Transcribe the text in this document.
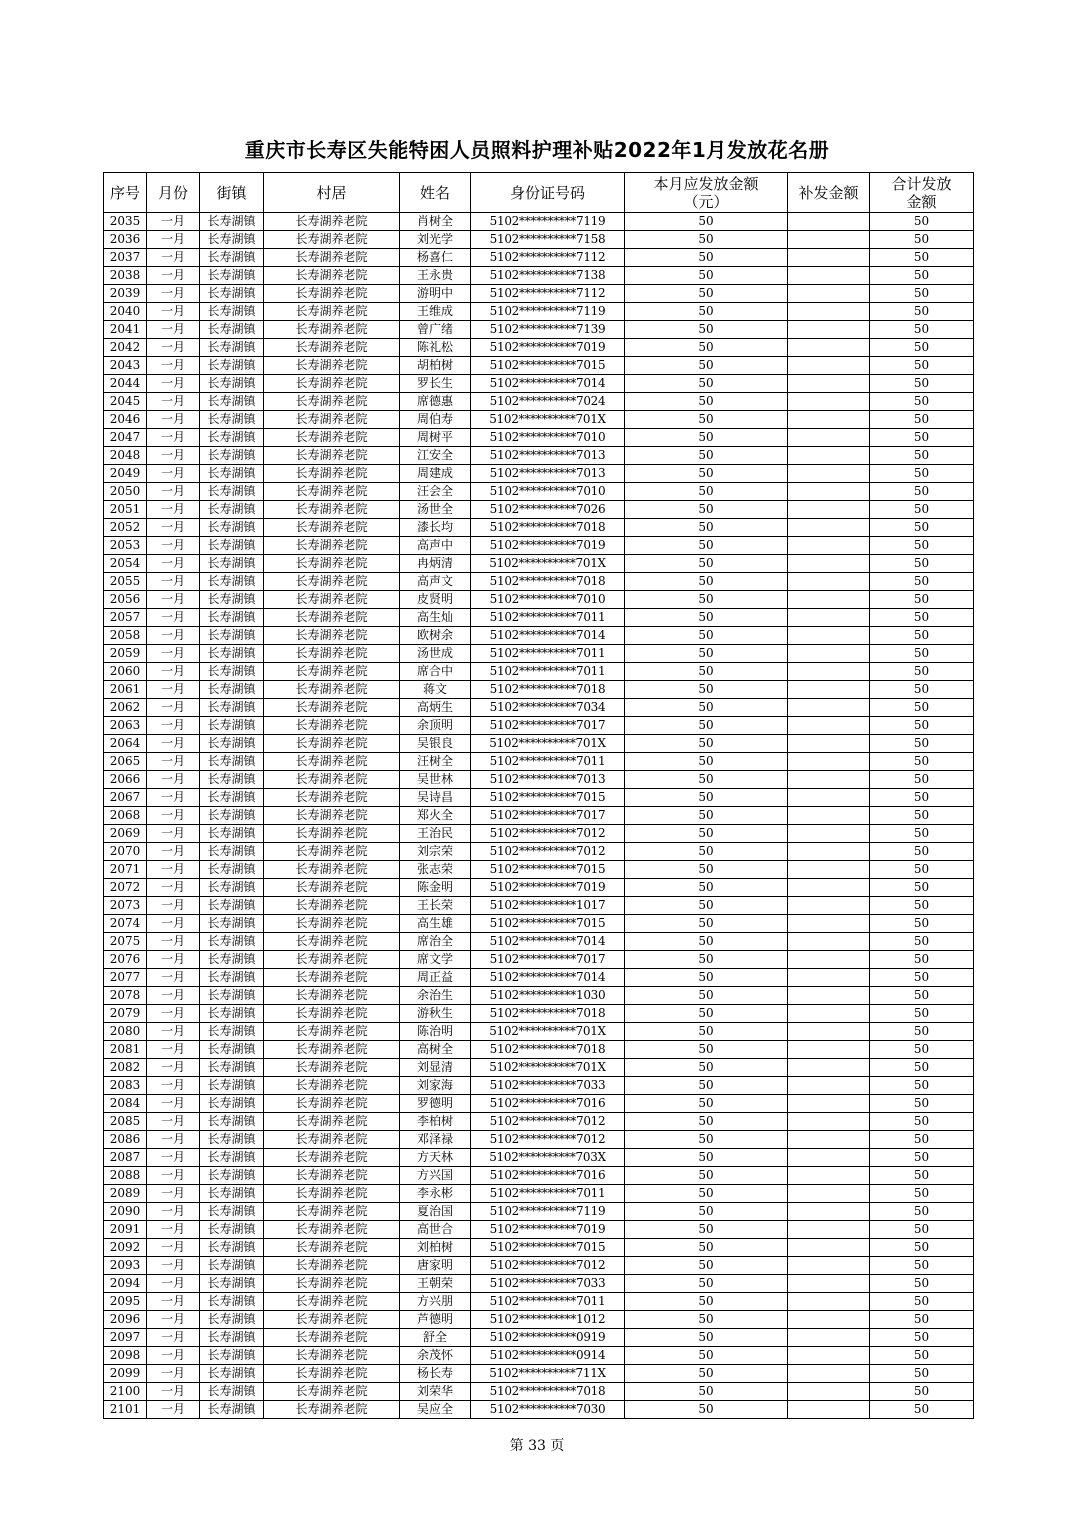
重庆市长寿区失能特困人员照料护理补贴2022年1月发放花名册
序号	月份	街镇	村居	姓名	身份证号码	本月应发放金额（元）	补发金额	合计发放金额
2035	一月	长寿湖镇	长寿湖养老院	肖树全	5102**********7119	50		50
2036	一月	长寿湖镇	长寿湖养老院	刘光学	5102**********7158	50		50
2037	一月	长寿湖镇	长寿湖养老院	杨喜仁	5102**********7112	50		50
2038	一月	长寿湖镇	长寿湖养老院	王永贵	5102**********7138	50		50
2039	一月	长寿湖镇	长寿湖养老院	游明中	5102**********7112	50		50
2040	一月	长寿湖镇	长寿湖养老院	王维成	5102**********7119	50		50
2041	一月	长寿湖镇	长寿湖养老院	曾广绪	5102**********7139	50		50
2042	一月	长寿湖镇	长寿湖养老院	陈礼松	5102**********7019	50		50
2043	一月	长寿湖镇	长寿湖养老院	胡柏树	5102**********7015	50		50
2044	一月	长寿湖镇	长寿湖养老院	罗长生	5102**********7014	50		50
2045	一月	长寿湖镇	长寿湖养老院	席德惠	5102**********7024	50		50
2046	一月	长寿湖镇	长寿湖养老院	周伯寿	5102**********701X	50		50
2047	一月	长寿湖镇	长寿湖养老院	周树平	5102**********7010	50		50
2048	一月	长寿湖镇	长寿湖养老院	江安全	5102**********7013	50		50
2049	一月	长寿湖镇	长寿湖养老院	周建成	5102**********7013	50		50
2050	一月	长寿湖镇	长寿湖养老院	汪会全	5102**********7010	50		50
2051	一月	长寿湖镇	长寿湖养老院	汤世全	5102**********7026	50		50
2052	一月	长寿湖镇	长寿湖养老院	漆长均	5102**********7018	50		50
2053	一月	长寿湖镇	长寿湖养老院	高声中	5102**********7019	50		50
2054	一月	长寿湖镇	长寿湖养老院	冉炳清	5102**********701X	50		50
2055	一月	长寿湖镇	长寿湖养老院	高声文	5102**********7018	50		50
2056	一月	长寿湖镇	长寿湖养老院	皮贤明	5102**********7010	50		50
2057	一月	长寿湖镇	长寿湖养老院	高生灿	5102**********7011	50		50
2058	一月	长寿湖镇	长寿湖养老院	欧树余	5102**********7014	50		50
2059	一月	长寿湖镇	长寿湖养老院	汤世成	5102**********7011	50		50
2060	一月	长寿湖镇	长寿湖养老院	席合中	5102**********7011	50		50
2061	一月	长寿湖镇	长寿湖养老院	蒋文	5102**********7018	50		50
2062	一月	长寿湖镇	长寿湖养老院	高炳生	5102**********7034	50		50
2063	一月	长寿湖镇	长寿湖养老院	余顶明	5102**********7017	50		50
2064	一月	长寿湖镇	长寿湖养老院	吴银良	5102**********701X	50		50
2065	一月	长寿湖镇	长寿湖养老院	汪树全	5102**********7011	50		50
2066	一月	长寿湖镇	长寿湖养老院	吴世林	5102**********7013	50		50
2067	一月	长寿湖镇	长寿湖养老院	吴诗昌	5102**********7015	50		50
2068	一月	长寿湖镇	长寿湖养老院	郑火全	5102**********7017	50		50
2069	一月	长寿湖镇	长寿湖养老院	王治民	5102**********7012	50		50
2070	一月	长寿湖镇	长寿湖养老院	刘宗荣	5102**********7012	50		50
2071	一月	长寿湖镇	长寿湖养老院	张志荣	5102**********7015	50		50
2072	一月	长寿湖镇	长寿湖养老院	陈金明	5102**********7019	50		50
2073	一月	长寿湖镇	长寿湖养老院	王长荣	5102**********1017	50		50
2074	一月	长寿湖镇	长寿湖养老院	高生雄	5102**********7015	50		50
2075	一月	长寿湖镇	长寿湖养老院	席治全	5102**********7014	50		50
2076	一月	长寿湖镇	长寿湖养老院	席文学	5102**********7017	50		50
2077	一月	长寿湖镇	长寿湖养老院	周正益	5102**********7014	50		50
2078	一月	长寿湖镇	长寿湖养老院	余治生	5102**********1030	50		50
2079	一月	长寿湖镇	长寿湖养老院	游秋生	5102**********7018	50		50
2080	一月	长寿湖镇	长寿湖养老院	陈治明	5102**********701X	50		50
2081	一月	长寿湖镇	长寿湖养老院	高树全	5102**********7018	50		50
2082	一月	长寿湖镇	长寿湖养老院	刘显清	5102**********701X	50		50
2083	一月	长寿湖镇	长寿湖养老院	刘家海	5102**********7033	50		50
2084	一月	长寿湖镇	长寿湖养老院	罗德明	5102**********7016	50		50
2085	一月	长寿湖镇	长寿湖养老院	李柏树	5102**********7012	50		50
2086	一月	长寿湖镇	长寿湖养老院	邓泽禄	5102**********7012	50		50
2087	一月	长寿湖镇	长寿湖养老院	方天林	5102**********703X	50		50
2088	一月	长寿湖镇	长寿湖养老院	方兴国	5102**********7016	50		50
2089	一月	长寿湖镇	长寿湖养老院	李永彬	5102**********7011	50		50
2090	一月	长寿湖镇	长寿湖养老院	夏治国	5102**********7119	50		50
2091	一月	长寿湖镇	长寿湖养老院	高世合	5102**********7019	50		50
2092	一月	长寿湖镇	长寿湖养老院	刘柏树	5102**********7015	50		50
2093	一月	长寿湖镇	长寿湖养老院	唐家明	5102**********7012	50		50
2094	一月	长寿湖镇	长寿湖养老院	王朝荣	5102**********7033	50		50
2095	一月	长寿湖镇	长寿湖养老院	方兴朋	5102**********7011	50		50
2096	一月	长寿湖镇	长寿湖养老院	芦德明	5102**********1012	50		50
2097	一月	长寿湖镇	长寿湖养老院	舒全	5102**********0919	50		50
2098	一月	长寿湖镇	长寿湖养老院	余茂怀	5102**********0914	50		50
2099	一月	长寿湖镇	长寿湖养老院	杨长寿	5102**********711X	50		50
2100	一月	长寿湖镇	长寿湖养老院	刘荣华	5102**********7018	50		50
2101	一月	长寿湖镇	长寿湖养老院	吴应全	5102**********7030	50		50
第 33 页
